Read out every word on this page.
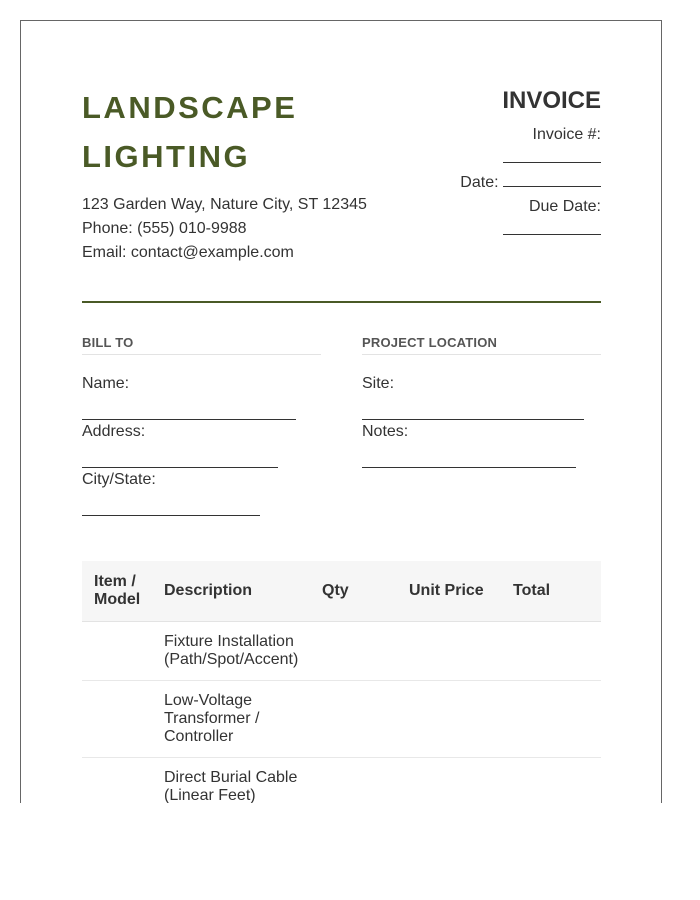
LANDSCAPE
LIGHTING
123 Garden Way, Nature City, ST 12345
Phone: (555) 010-9988
Email: contact@example.com
INVOICE
Invoice #:
Date:
Due Date:
BILL TO
Name:
Address:
City/State:
PROJECT LOCATION
Site:
Notes:
Item / Model	Description	Qty	Unit Price	Total
	Fixture Installation (Path/Spot/Accent)			
	Low-Voltage Transformer / Controller			
	Direct Burial Cable (Linear Feet)			
